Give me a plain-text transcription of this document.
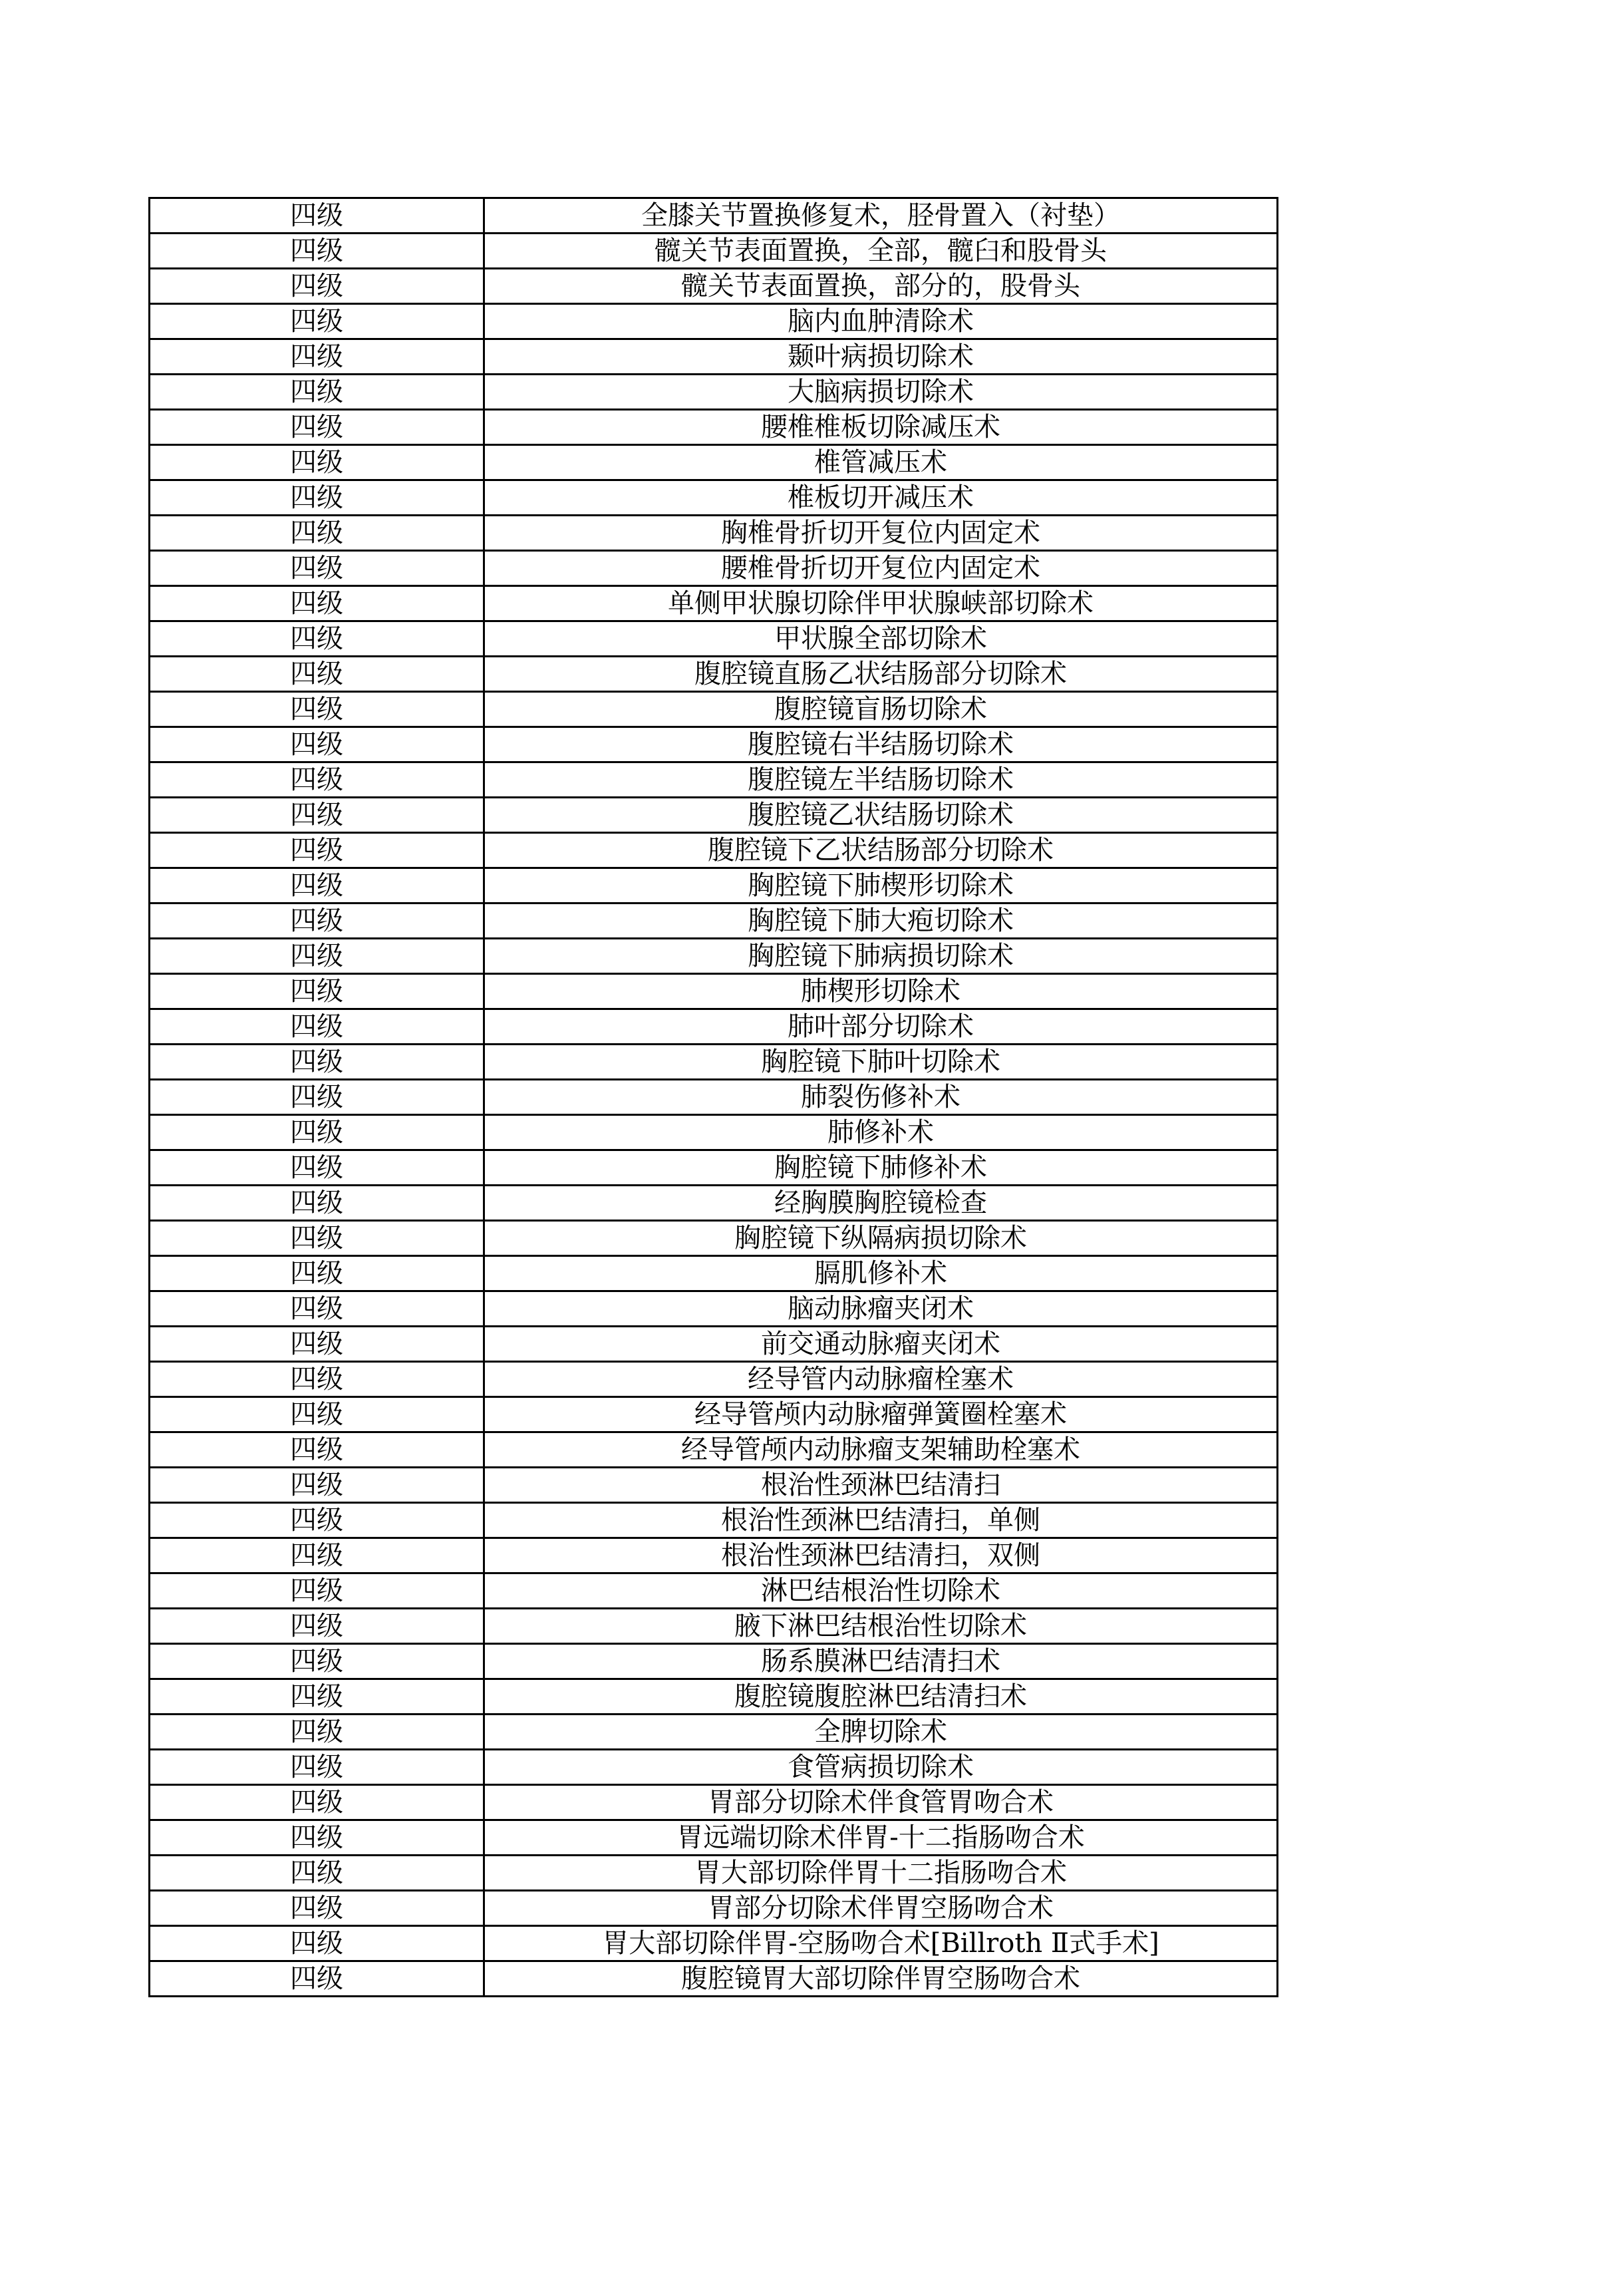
四级	全膝关节置换修复术，胫骨置入（衬垫）
四级	髋关节表面置换，全部，髋臼和股骨头
四级	髋关节表面置换，部分的，股骨头
四级	脑内血肿清除术
四级	颞叶病损切除术
四级	大脑病损切除术
四级	腰椎椎板切除减压术
四级	椎管减压术
四级	椎板切开减压术
四级	胸椎骨折切开复位内固定术
四级	腰椎骨折切开复位内固定术
四级	单侧甲状腺切除伴甲状腺峡部切除术
四级	甲状腺全部切除术
四级	腹腔镜直肠乙状结肠部分切除术
四级	腹腔镜盲肠切除术
四级	腹腔镜右半结肠切除术
四级	腹腔镜左半结肠切除术
四级	腹腔镜乙状结肠切除术
四级	腹腔镜下乙状结肠部分切除术
四级	胸腔镜下肺楔形切除术
四级	胸腔镜下肺大疱切除术
四级	胸腔镜下肺病损切除术
四级	肺楔形切除术
四级	肺叶部分切除术
四级	胸腔镜下肺叶切除术
四级	肺裂伤修补术
四级	肺修补术
四级	胸腔镜下肺修补术
四级	经胸膜胸腔镜检查
四级	胸腔镜下纵隔病损切除术
四级	膈肌修补术
四级	脑动脉瘤夹闭术
四级	前交通动脉瘤夹闭术
四级	经导管内动脉瘤栓塞术
四级	经导管颅内动脉瘤弹簧圈栓塞术
四级	经导管颅内动脉瘤支架辅助栓塞术
四级	根治性颈淋巴结清扫
四级	根治性颈淋巴结清扫，单侧
四级	根治性颈淋巴结清扫，双侧
四级	淋巴结根治性切除术
四级	腋下淋巴结根治性切除术
四级	肠系膜淋巴结清扫术
四级	腹腔镜腹腔淋巴结清扫术
四级	全脾切除术
四级	食管病损切除术
四级	胃部分切除术伴食管胃吻合术
四级	胃远端切除术伴胃-十二指肠吻合术
四级	胃大部切除伴胃十二指肠吻合术
四级	胃部分切除术伴胃空肠吻合术
四级	胃大部切除伴胃-空肠吻合术[Billroth Ⅱ式手术]
四级	腹腔镜胃大部切除伴胃空肠吻合术
